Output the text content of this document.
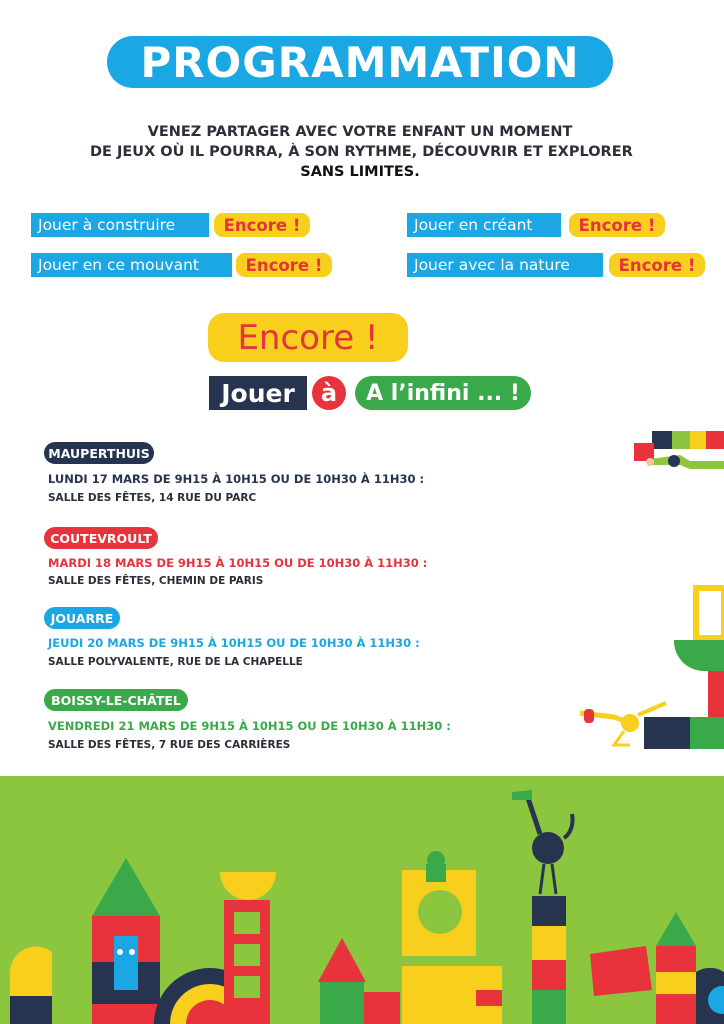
PROGRAMMATION
VENEZ PARTAGER AVEC VOTRE ENFANT UN MOMENT
DE JEUX OÙ IL POURRA, À SON RYTHME, DÉCOUVRIR ET EXPLORER
SANS LIMITES.
Jouer à construire	Encore !	Jouer en créant	Encore !
Jouer en ce mouvant	Encore !	Jouer avec la nature	Encore !
Encore !
Jouer	à	A l’infini ... !
MAUPERTHUIS
LUNDI 17 MARS DE 9H15 À 10H15 OU DE 10H30 À 11H30 :
SALLE DES FÊTES, 14 RUE DU PARC
COUTEVROULT
MARDI 18 MARS DE 9H15 À 10H15 OU DE 10H30 À 11H30 :
SALLE DES FÊTES, CHEMIN DE PARIS
JOUARRE
JEUDI 20 MARS DE 9H15 À 10H15 OU DE 10H30 À 11H30 :
SALLE POLYVALENTE, RUE DE LA CHAPELLE
BOISSY-LE-CHÂTEL
VENDREDI 21 MARS DE 9H15 À 10H15 OU DE 10H30 À 11H30 :
SALLE DES FÊTES, 7 RUE DES CARRIÈRES
